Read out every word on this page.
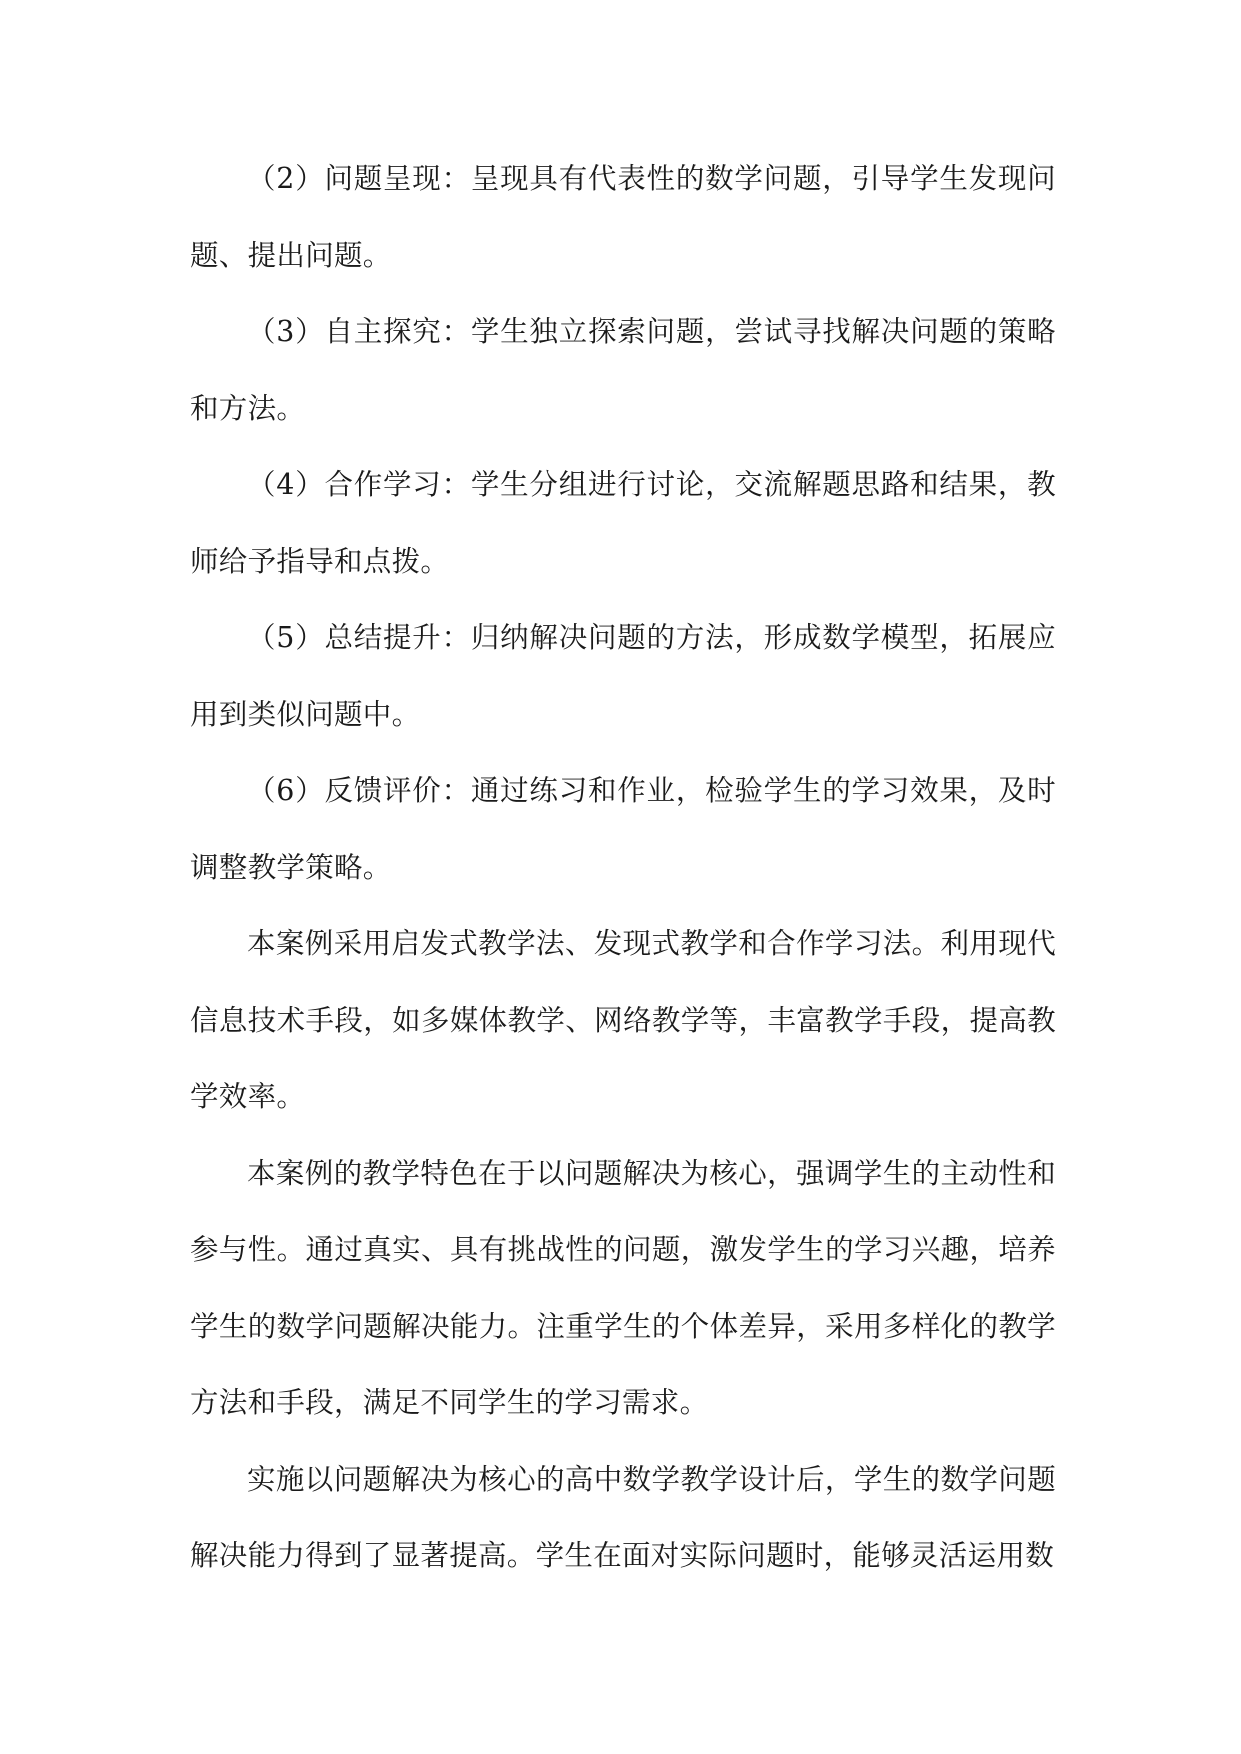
（2）问题呈现：呈现具有代表性的数学问题，引导学生发现问题、提出问题。

（3）自主探究：学生独立探索问题，尝试寻找解决问题的策略和方法。

（4）合作学习：学生分组进行讨论，交流解题思路和结果，教师给予指导和点拨。

（5）总结提升：归纳解决问题的方法，形成数学模型，拓展应用到类似问题中。

（6）反馈评价：通过练习和作业，检验学生的学习效果，及时调整教学策略。

本案例采用启发式教学法、发现式教学和合作学习法。利用现代信息技术手段，如多媒体教学、网络教学等，丰富教学手段，提高教学效率。

本案例的教学特色在于以问题解决为核心，强调学生的主动性和参与性。通过真实、具有挑战性的问题，激发学生的学习兴趣，培养学生的数学问题解决能力。注重学生的个体差异，采用多样化的教学方法和手段，满足不同学生的学习需求。

实施以问题解决为核心的高中数学教学设计后，学生的数学问题解决能力得到了显著提高。学生在面对实际问题时，能够灵活运用数
